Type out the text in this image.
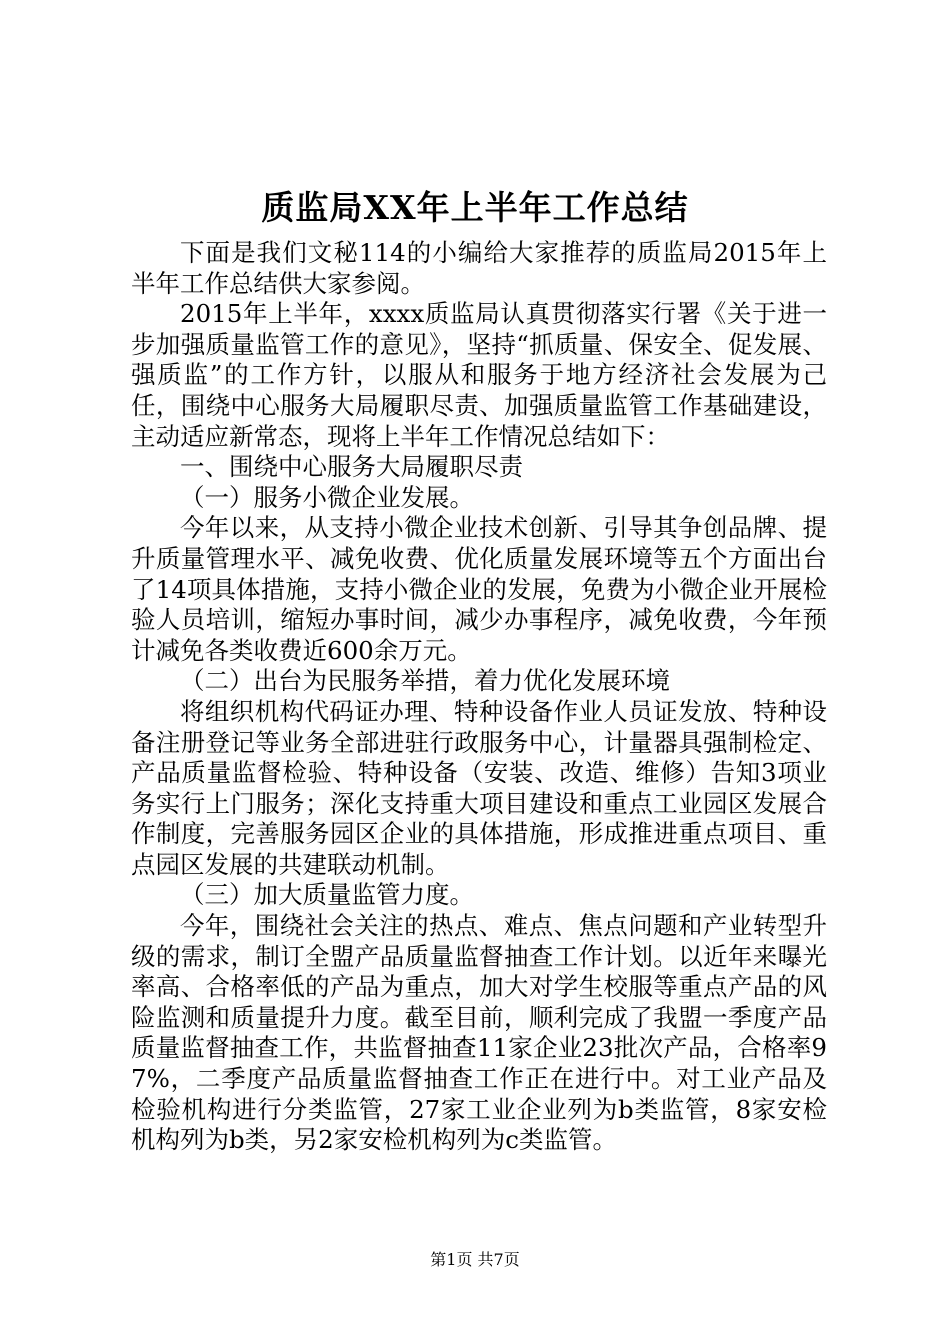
质监局XX年上半年工作总结

下面是我们文秘114的小编给大家推荐的质监局2015年上半年工作总结供大家参阅。

2015年上半年，xxxx质监局认真贯彻落实行署《关于进一步加强质量监管工作的意见》，坚持“抓质量、保安全、促发展、强质监”的工作方针，以服从和服务于地方经济社会发展为己任，围绕中心服务大局履职尽责、加强质量监管工作基础建设，主动适应新常态，现将上半年工作情况总结如下：

一、围绕中心服务大局履职尽责

（一）服务小微企业发展。

今年以来，从支持小微企业技术创新、引导其争创品牌、提升质量管理水平、减免收费、优化质量发展环境等五个方面出台了14项具体措施，支持小微企业的发展，免费为小微企业开展检验人员培训，缩短办事时间，减少办事程序，减免收费，今年预计减免各类收费近600余万元。

（二）出台为民服务举措，着力优化发展环境

将组织机构代码证办理、特种设备作业人员证发放、特种设备注册登记等业务全部进驻行政服务中心，计量器具强制检定、产品质量监督检验、特种设备（安装、改造、维修）告知3项业务实行上门服务；深化支持重大项目建设和重点工业园区发展合作制度，完善服务园区企业的具体措施，形成推进重点项目、重点园区发展的共建联动机制。

（三）加大质量监管力度。

今年，围绕社会关注的热点、难点、焦点问题和产业转型升级的需求，制订全盟产品质量监督抽查工作计划。以近年来曝光率高、合格率低的产品为重点，加大对学生校服等重点产品的风险监测和质量提升力度。截至目前，顺利完成了我盟一季度产品质量监督抽查工作，共监督抽查11家企业23批次产品，合格率97%，二季度产品质量监督抽查工作正在进行中。对工业产品及检验机构进行分类监管，27家工业企业列为b类监管，8家安检机构列为b类，另2家安检机构列为c类监管。

第1页 共7页
